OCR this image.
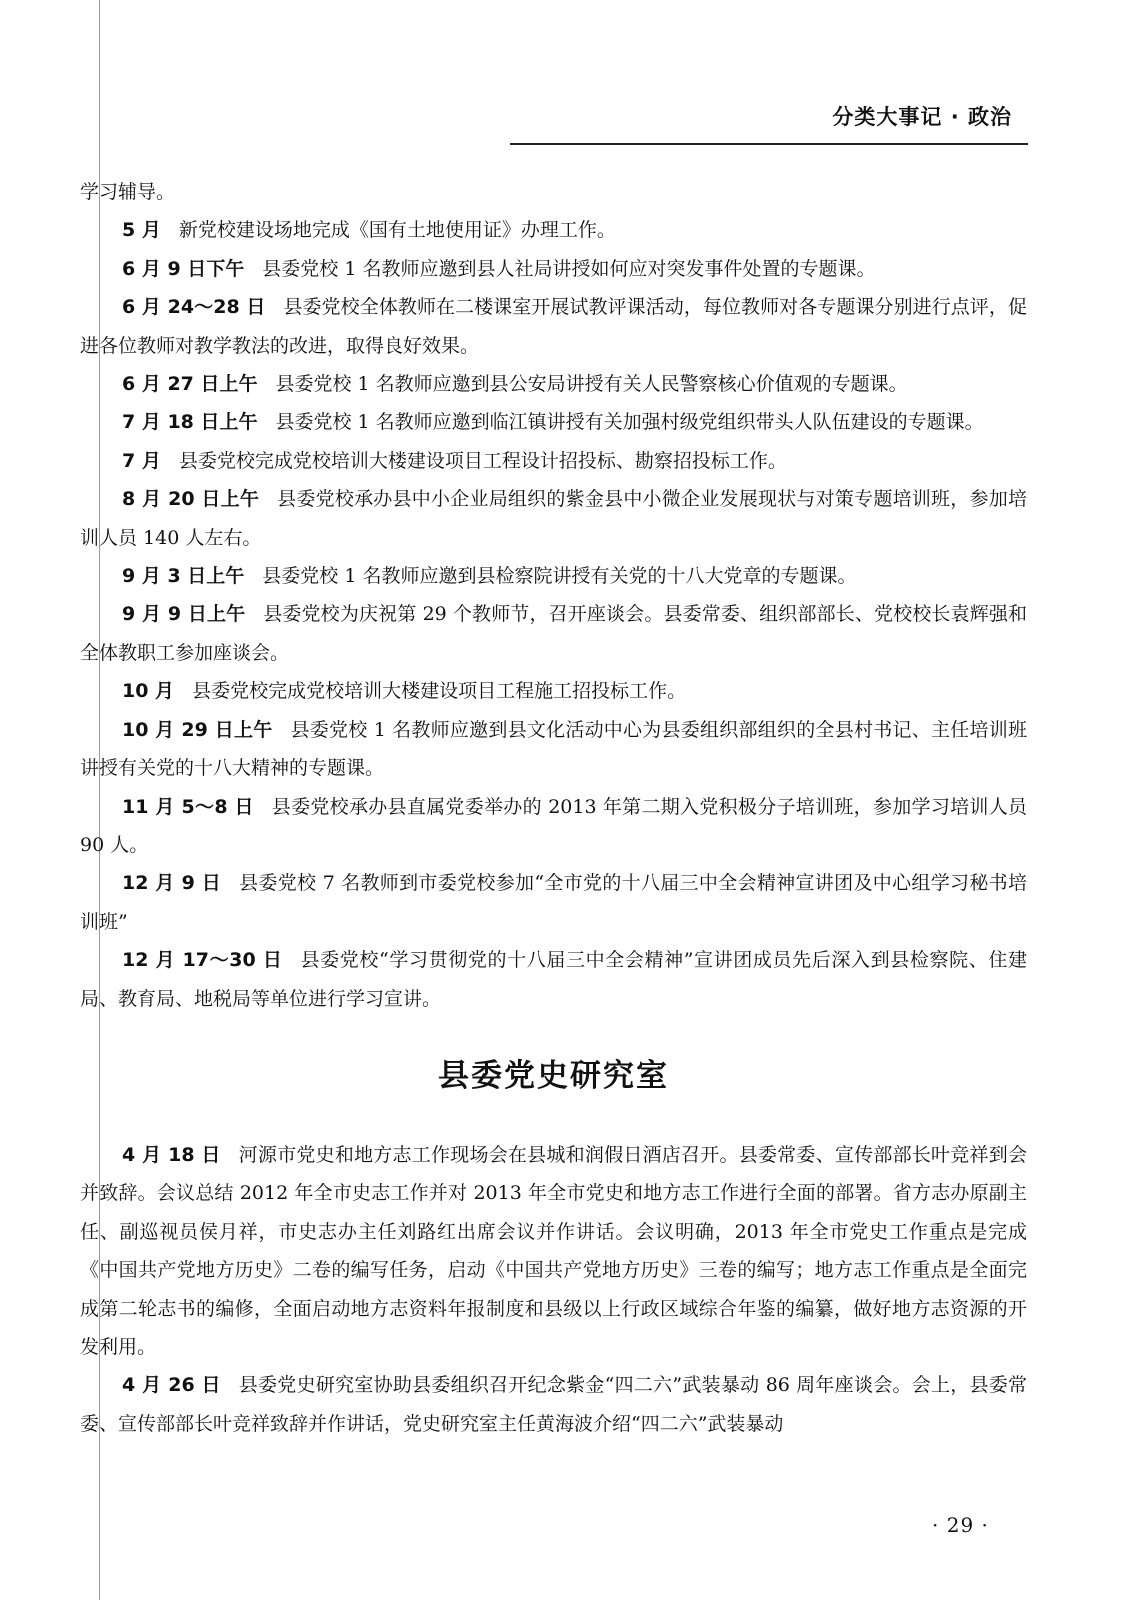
分类大事记 · 政治

学习辅导。

5 月 新党校建设场地完成《国有土地使用证》办理工作。

6 月 9 日下午 县委党校 1 名教师应邀到县人社局讲授如何应对突发事件处置的专题课。

6 月 24～28 日 县委党校全体教师在二楼课室开展试教评课活动，每位教师对各专题课分别进行点评，促进各位教师对教学教法的改进，取得良好效果。

6 月 27 日上午 县委党校 1 名教师应邀到县公安局讲授有关人民警察核心价值观的专题课。

7 月 18 日上午 县委党校 1 名教师应邀到临江镇讲授有关加强村级党组织带头人队伍建设的专题课。

7 月 县委党校完成党校培训大楼建设项目工程设计招投标、勘察招投标工作。

8 月 20 日上午 县委党校承办县中小企业局组织的紫金县中小微企业发展现状与对策专题培训班，参加培训人员 140 人左右。

9 月 3 日上午 县委党校 1 名教师应邀到县检察院讲授有关党的十八大党章的专题课。

9 月 9 日上午 县委党校为庆祝第 29 个教师节，召开座谈会。县委常委、组织部部长、党校校长袁辉强和全体教职工参加座谈会。

10 月 县委党校完成党校培训大楼建设项目工程施工招投标工作。

10 月 29 日上午 县委党校 1 名教师应邀到县文化活动中心为县委组织部组织的全县村书记、主任培训班讲授有关党的十八大精神的专题课。

11 月 5～8 日 县委党校承办县直属党委举办的 2013 年第二期入党积极分子培训班，参加学习培训人员 90 人。

12 月 9 日 县委党校 7 名教师到市委党校参加“全市党的十八届三中全会精神宣讲团及中心组学习秘书培训班”

12 月 17～30 日 县委党校“学习贯彻党的十八届三中全会精神”宣讲团成员先后深入到县检察院、住建局、教育局、地税局等单位进行学习宣讲。

县委党史研究室

4 月 18 日 河源市党史和地方志工作现场会在县城和润假日酒店召开。县委常委、宣传部部长叶竞祥到会并致辞。会议总结 2012 年全市史志工作并对 2013 年全市党史和地方志工作进行全面的部署。省方志办原副主任、副巡视员侯月祥，市史志办主任刘路红出席会议并作讲话。会议明确，2013 年全市党史工作重点是完成《中国共产党地方历史》二卷的编写任务，启动《中国共产党地方历史》三卷的编写；地方志工作重点是全面完成第二轮志书的编修，全面启动地方志资料年报制度和县级以上行政区域综合年鉴的编纂，做好地方志资源的开发利用。

4 月 26 日 县委党史研究室协助县委组织召开纪念紫金“四二六”武装暴动 86 周年座谈会。会上，县委常委、宣传部部长叶竞祥致辞并作讲话，党史研究室主任黄海波介绍“四二六”武装暴动

· 29 ·
